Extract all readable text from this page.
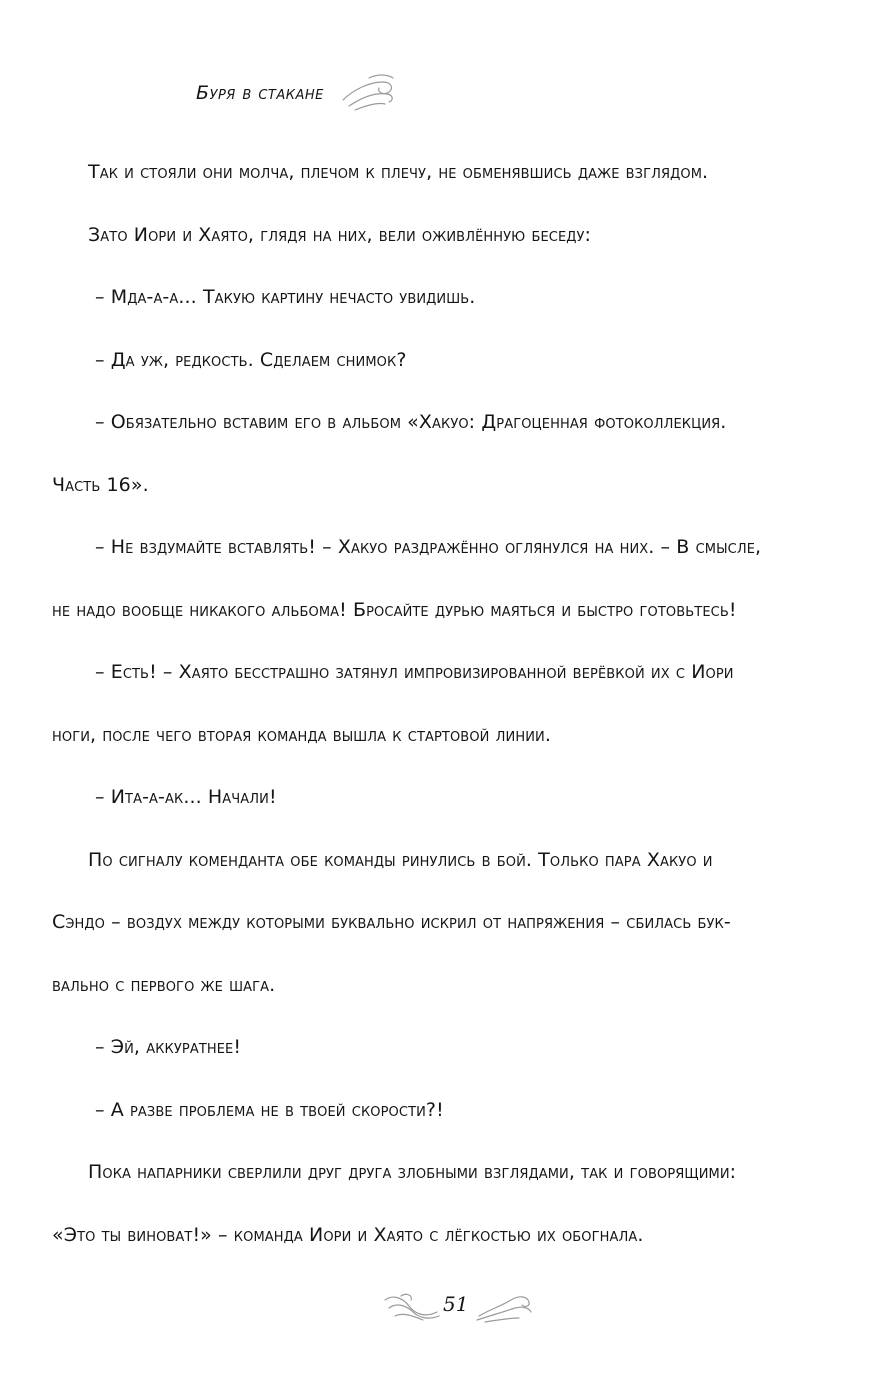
Буря в стакане
Так и стояли они молча, плечом к плечу, не обменявшись даже взглядом.
Зато Иори и Хаято, глядя на них, вели оживлённую беседу:
– Мда-а-а... Такую картину нечасто увидишь.
– Да уж, редкость. Сделаем снимок?
– Обязательно вставим его в альбом «Хакуо: Драгоценная фотоколлекция.
Часть 16».
– Не вздумайте вставлять! – Хакуо раздражённо оглянулся на них. – В смысле,
не надо вообще никакого альбома! Бросайте дурью маяться и быстро готовьтесь!
– Есть! – Хаято бесстрашно затянул импровизированной верёвкой их с Иори
ноги, после чего вторая команда вышла к стартовой линии.
– Ита-а-ак... Начали!
По сигналу коменданта обе команды ринулись в бой. Только пара Хакуо и
Сэндо – воздух между которыми буквально искрил от напряжения – сбилась бук-
вально с первого же шага.
– Эй, аккуратнее!
– А разве проблема не в твоей скорости?!
Пока напарники сверлили друг друга злобными взглядами, так и говорящими:
«Это ты виноват!» – команда Иори и Хаято с лёгкостью их обогнала.
51
